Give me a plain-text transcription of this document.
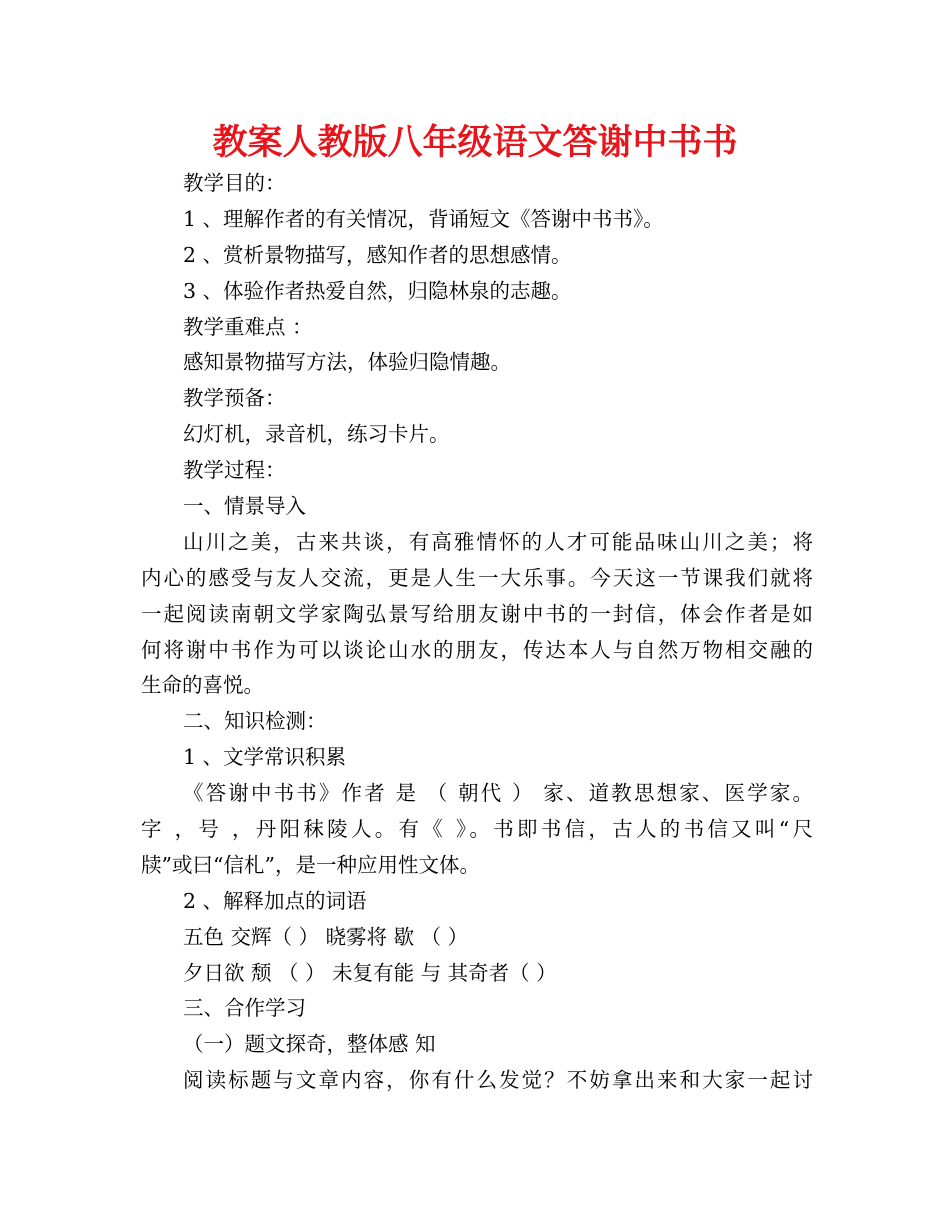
教案人教版八年级语文答谢中书书
教学目的：
1 、理解作者的有关情况，背诵短文《答谢中书书》。
2 、赏析景物描写，感知作者的思想感情。
3 、体验作者热爱自然，归隐林泉的志趣。
教学重难点 ：
感知景物描写方法，体验归隐情趣。
教学预备：
幻灯机，录音机，练习卡片。
教学过程：
一、情景导入
山川之美，古来共谈，有高雅情怀的人才可能品味山川之美；将
内心的感受与友人交流，更是人生一大乐事。今天这一节课我们就将
一起阅读南朝文学家陶弘景写给朋友谢中书的一封信，体会作者是如
何将谢中书作为可以谈论山水的朋友，传达本人与自然万物相交融的
生命的喜悦。
二、知识检测：
1 、文学常识积累
《答谢中书书》作者 是 （ 朝代 ） 家、道教思想家、医学家。
字 ，号 ，丹阳秣陵人。有《 》。书即书信，古人的书信又叫“尺
牍”或曰“信札”，是一种应用性文体。
2 、解释加点的词语
五色 交辉（ ） 晓雾将 歇 （ ）
夕日欲 颓 （ ） 未复有能 与 其奇者（ ）
三、合作学习
（一）题文探奇，整体感 知
阅读标题与文章内容，你有什么发觉？不妨拿出来和大家一起讨
